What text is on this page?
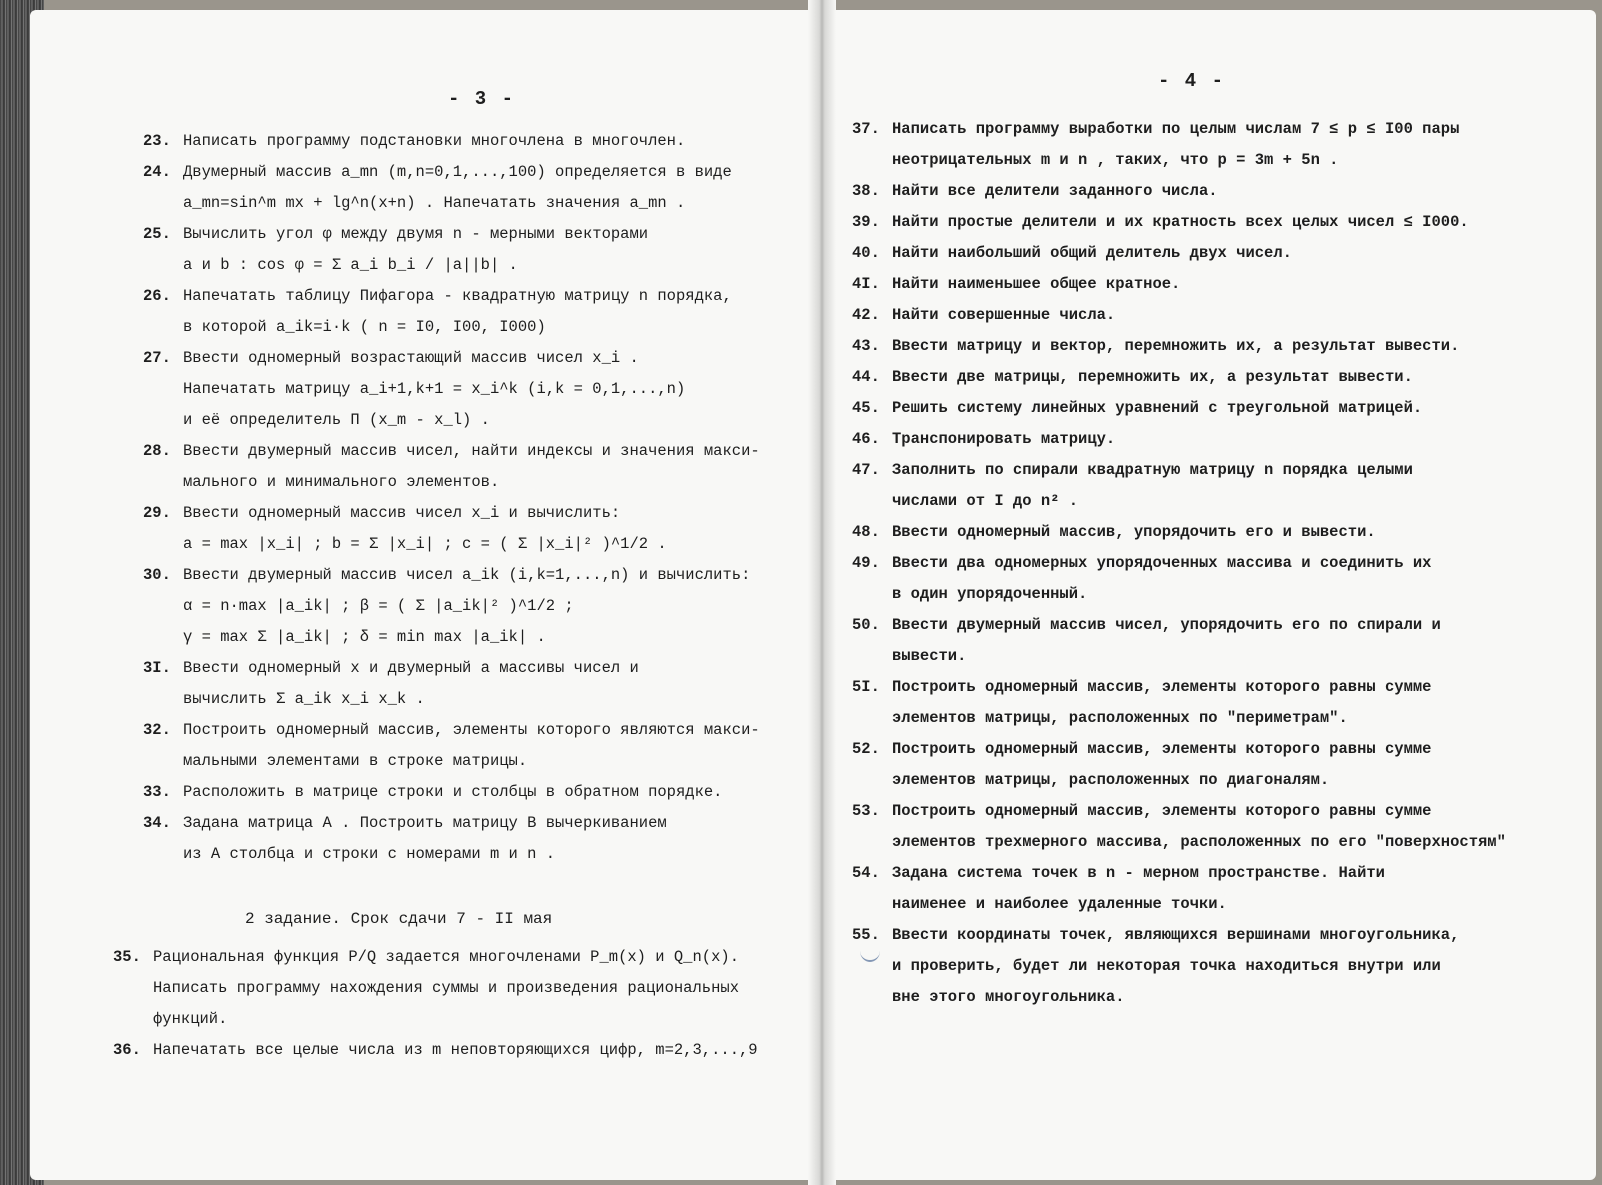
- 3 -
23. Написать программу подстановки многочлена в многочлен.
24. Двумерный массив a_mn (m,n=0,1,...,100) определяется в виде
a_mn=sin^m mx + lg^n(x+n) . Напечатать значения a_mn .
25. Вычислить угол φ между двумя n - мерными векторами
a и b : cos φ = Σ a_i b_i / |a||b| .
26. Напечатать таблицу Пифагора - квадратную матрицу n порядка,
в которой a_ik=i·k ( n = I0, I00, I000)
27. Ввести одномерный возрастающий массив чисел x_i .
Напечатать матрицу a_i+1,k+1 = x_i^k (i,k = 0,1,...,n)
и её определитель Π (x_m - x_l) .
28. Ввести двумерный массив чисел, найти индексы и значения макси-
мального и минимального элементов.
29. Ввести одномерный массив чисел x_i и вычислить:
a = max |x_i| ; b = Σ |x_i| ; c = ( Σ |x_i|² )^1/2 .
30. Ввести двумерный массив чисел a_ik (i,k=1,...,n) и вычислить:
α = n·max |a_ik| ; β = ( Σ |a_ik|² )^1/2 ;
γ = max Σ |a_ik| ; δ = min max |a_ik| .
3I. Ввести одномерный x и двумерный a массивы чисел и
вычислить Σ a_ik x_i x_k .
32. Построить одномерный массив, элементы которого являются макси-
мальными элементами в строке матрицы.
33. Расположить в матрице строки и столбцы в обратном порядке.
34. Задана матрица A . Построить матрицу B вычеркиванием
из A столбца и строки с номерами m и n .
- 4 -
37. Написать программу выработки по целым числам 7 ≤ p ≤ I00 пары
неотрицательных m и n , таких, что p = 3m + 5n .
38. Найти все делители заданного числа.
39. Найти простые делители и их кратность всех целых чисел ≤ I000.
40. Найти наибольший общий делитель двух чисел.
4I. Найти наименьшее общее кратное.
42. Найти совершенные числа.
43. Ввести матрицу и вектор, перемножить их, а результат вывести.
44. Ввести две матрицы, перемножить их, а результат вывести.
45. Решить систему линейных уравнений с треугольной матрицей.
46. Транспонировать матрицу.
47. Заполнить по спирали квадратную матрицу n порядка целыми
числами от I до n² .
48. Ввести одномерный массив, упорядочить его и вывести.
49. Ввести два одномерных упорядоченных массива и соединить их
в один упорядоченный.
50. Ввести двумерный массив чисел, упорядочить его по спирали и
вывести.
5I. Построить одномерный массив, элементы которого равны сумме
элементов матрицы, расположенных по "периметрам".
52. Построить одномерный массив, элементы которого равны сумме
элементов матрицы, расположенных по диагоналям.
53. Построить одномерный массив, элементы которого равны сумме
элементов трехмерного массива, расположенных по его "поверхностям"
54. Задана система точек в n - мерном пространстве. Найти
наименее и наиболее удаленные точки.
55. Ввести координаты точек, являющихся вершинами многоугольника,
и проверить, будет ли некоторая точка находиться внутри или
вне этого многоугольника.
2 задание. Срок сдачи 7 - II мая
35. Рациональная функция P/Q задается многочленами P_m(x) и Q_n(x).
Написать программу нахождения суммы и произведения рациональных
функций.
36. Напечатать все целые числа из m неповторяющихся цифр, m=2,3,...,9
